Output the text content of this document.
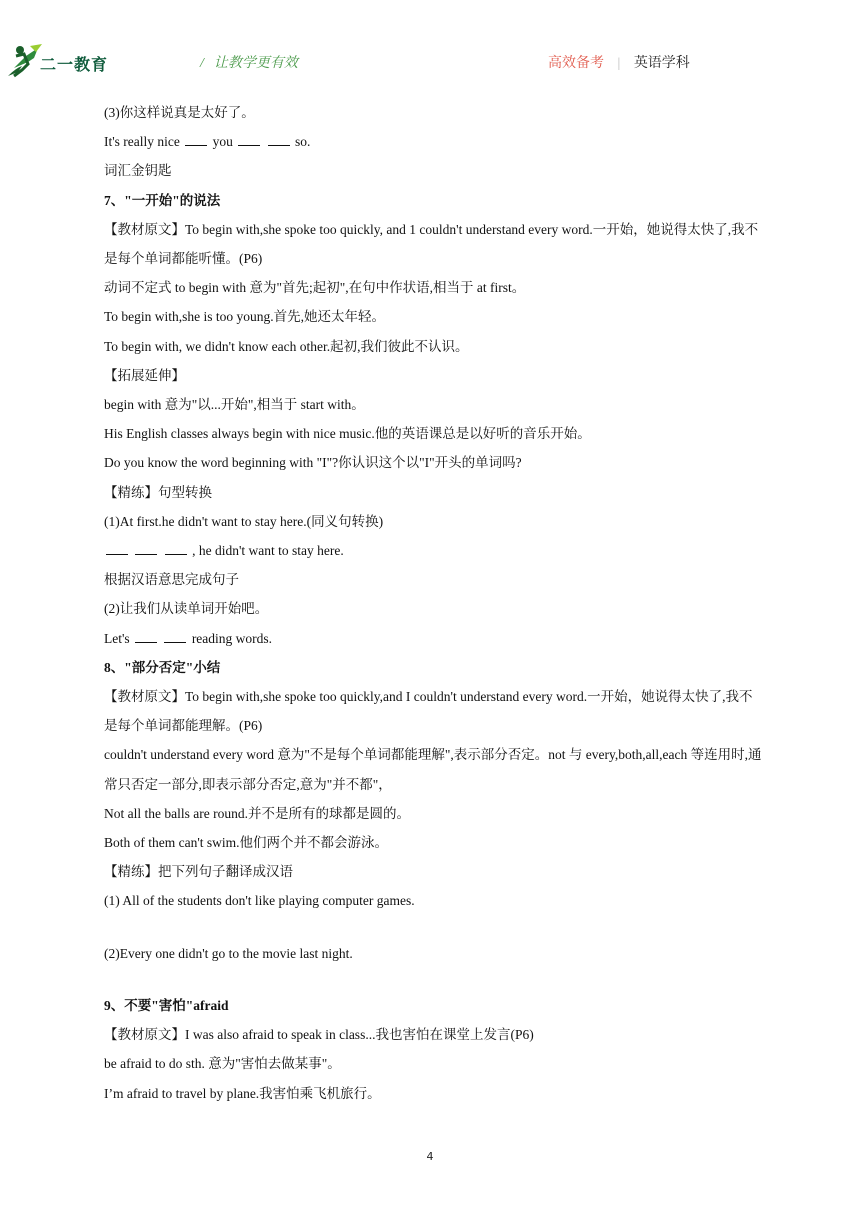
二一教育	/ 让教学更有效	高效备考 | 英语学科
(3)你这样说真是太好了。
It's really nice you	so.
词汇金钥匙
7、"一开始"的说法
【教材原文】To begin with,she spoke too quickly, and 1 couldn't understand every word.一开始，她说得太快了,我不是每个单词都能听懂。(P6)
动词不定式 to begin with 意为"首先;起初",在句中作状语,相当于 at first。
To begin with,she is too young.首先,她还太年轻。
To begin with, we didn't know each other.起初,我们彼此不认识。
【拓展延伸】
begin with 意为"以...开始",相当于 start with。
His English classes always begin with nice music.他的英语课总是以好听的音乐开始。
Do you know the word beginning with "I"?你认识这个以"I"开头的单词吗?
【精练】句型转换
(1)At first.he didn't want to stay here.(同义句转换)
, he didn't want to stay here.
根据汉语意思完成句子
(2)让我们从读单词开始吧。
Let's	reading words.
8、"部分否定"小结
【教材原文】To begin with,she spoke too quickly,and I couldn't understand every word.一开始，她说得太快了,我不是每个单词都能理解。(P6)
couldn't understand every word 意为"不是每个单词都能理解",表示部分否定。not 与 every,both,all,each 等连用时,通常只否定一部分,即表示部分否定,意为"并不都"，
Not all the balls are round.并不是所有的球都是圆的。
Both of them can't swim.他们两个并不都会游泳。
【精练】把下列句子翻译成汉语
(1) All of the students don't like playing computer games.
(2)Every one didn't go to the movie last night.
9、不要"害怕"afraid
【教材原文】I was also afraid to speak in class...我也害怕在课堂上发言(P6)
be afraid to do sth. 意为"害怕去做某事"。
I’m afraid to travel by plane.我害怕乘飞机旅行。
4
